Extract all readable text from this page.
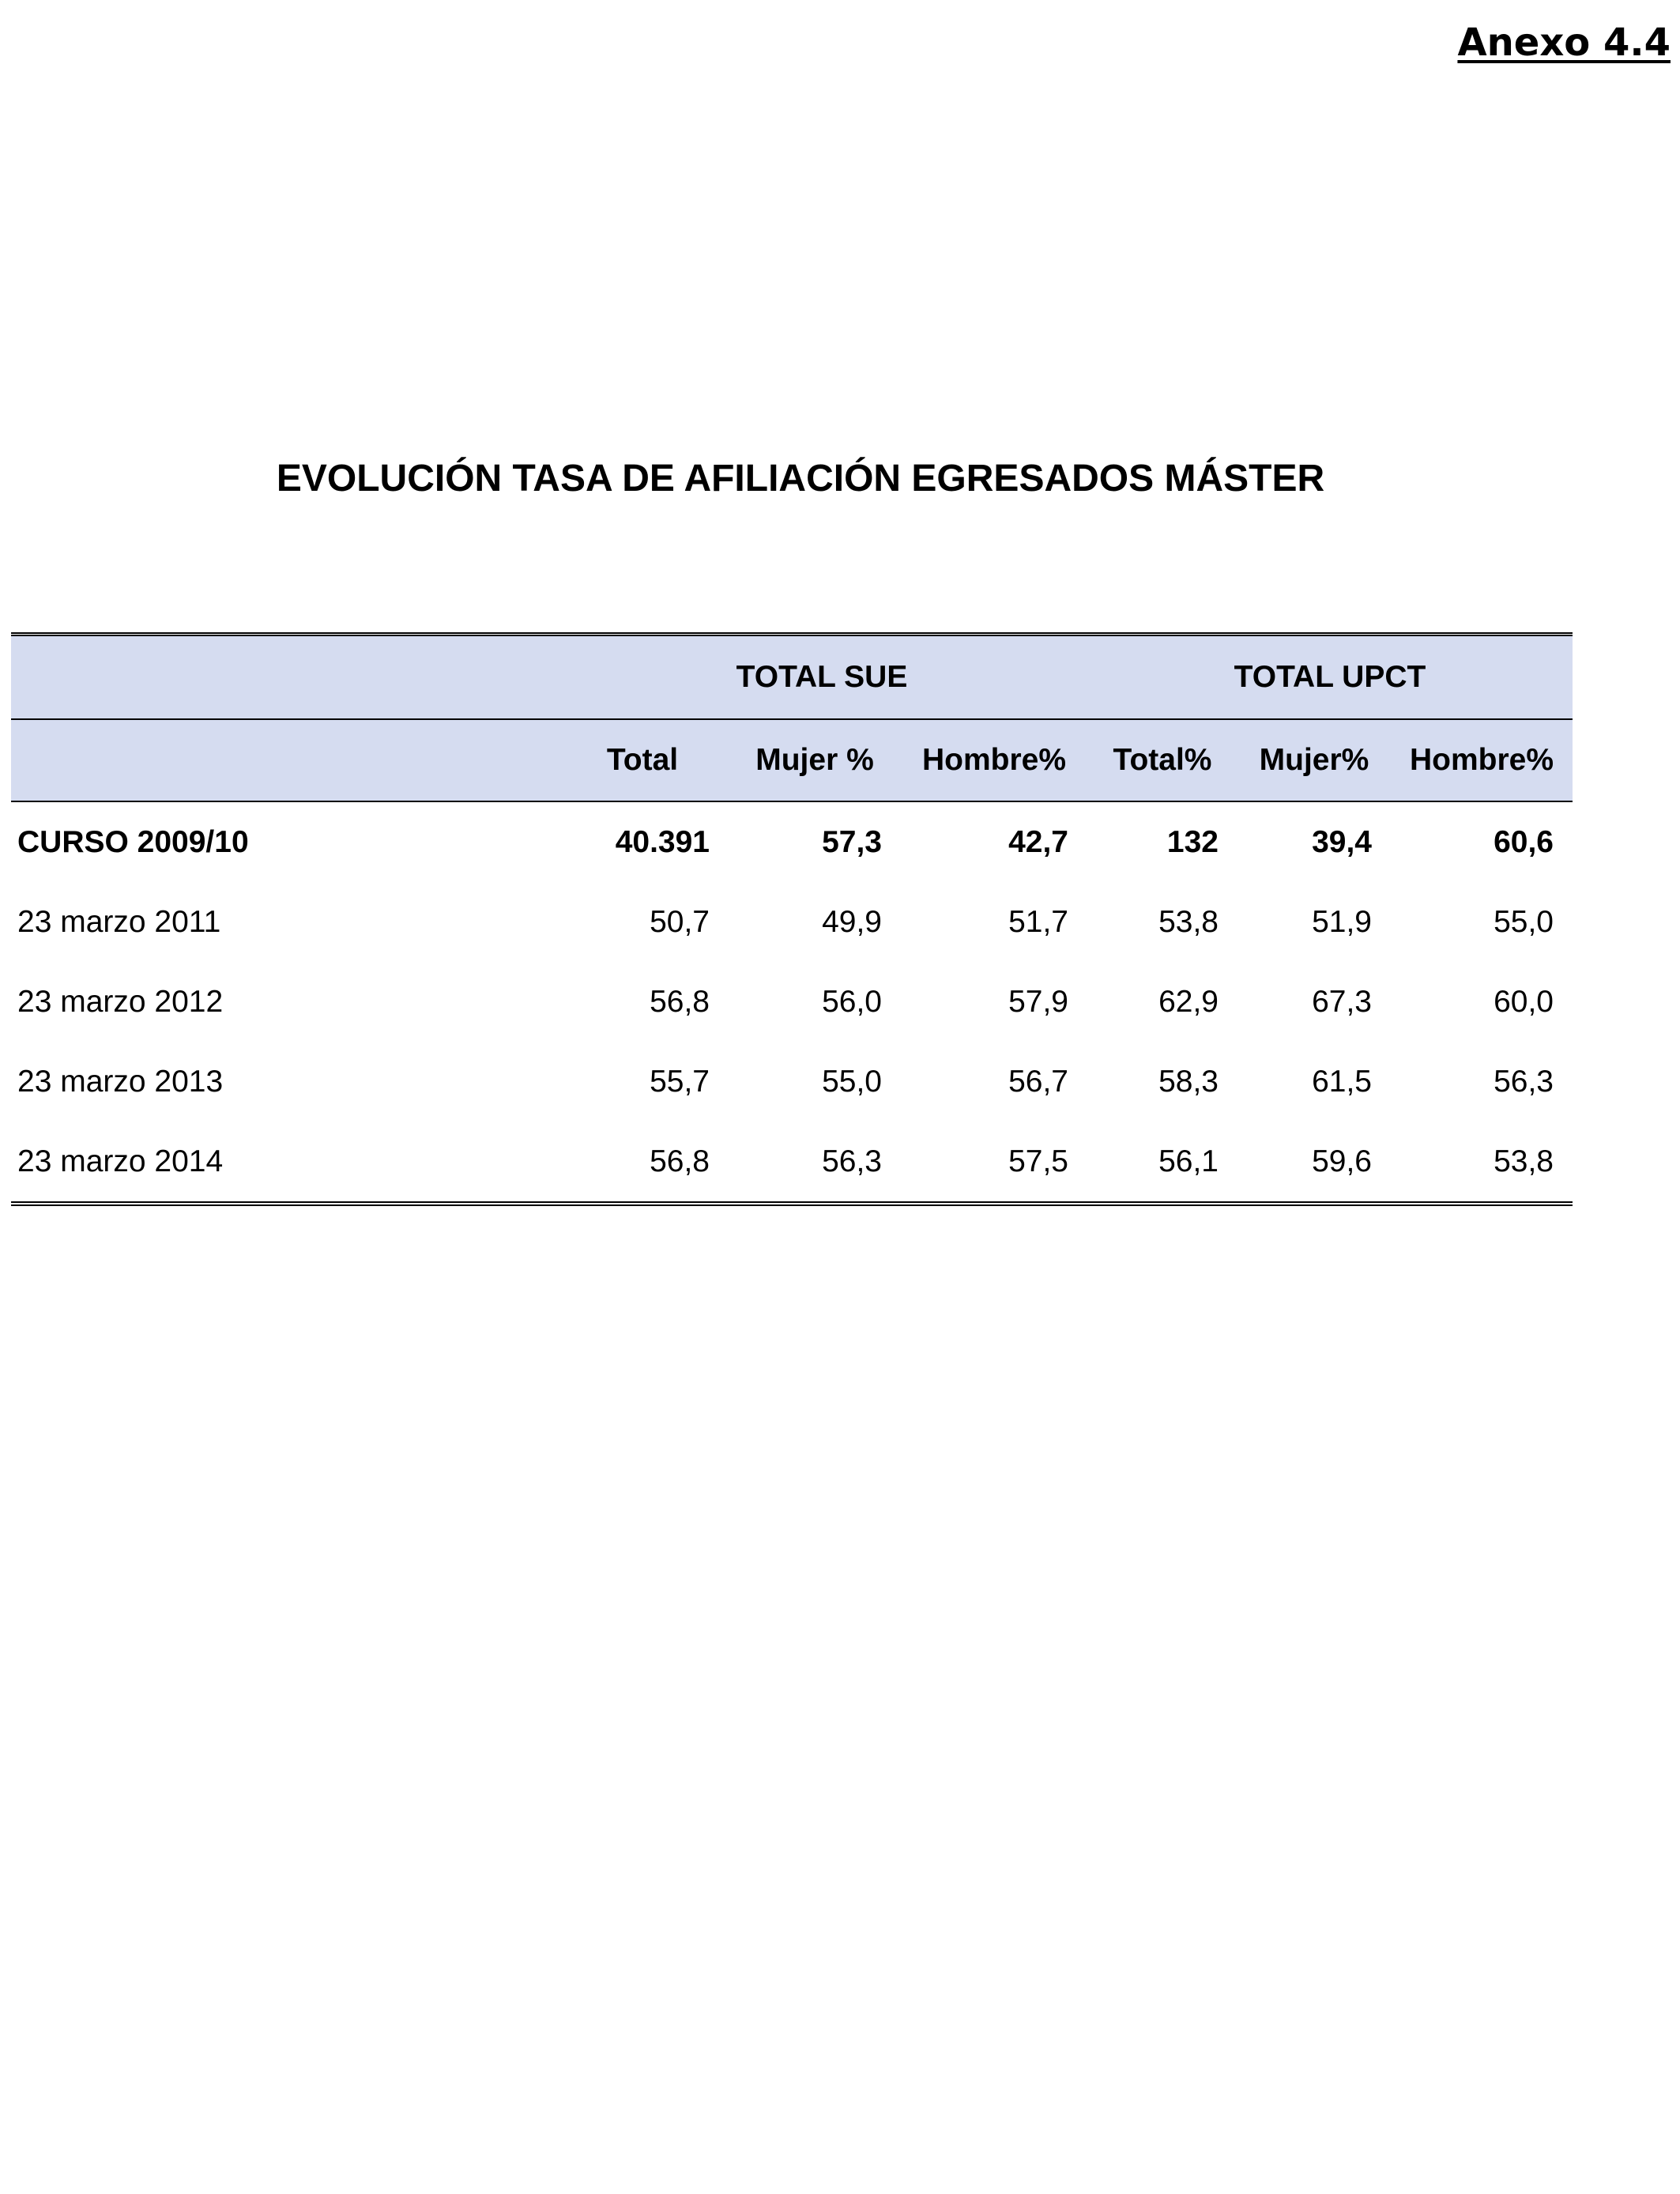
Anexo 4.4
EVOLUCIÓN TASA DE AFILIACIÓN EGRESADOS MÁSTER
	TOTAL SUE			TOTAL UPCT		
	Total	Mujer %	Hombre%	Total%	Mujer%	Hombre%
CURSO 2009/10	40.391	57,3	42,7	132	39,4	60,6
23 marzo 2011	50,7	49,9	51,7	53,8	51,9	55,0
23 marzo 2012	56,8	56,0	57,9	62,9	67,3	60,0
23 marzo 2013	55,7	55,0	56,7	58,3	61,5	56,3
23 marzo 2014	56,8	56,3	57,5	56,1	59,6	53,8
